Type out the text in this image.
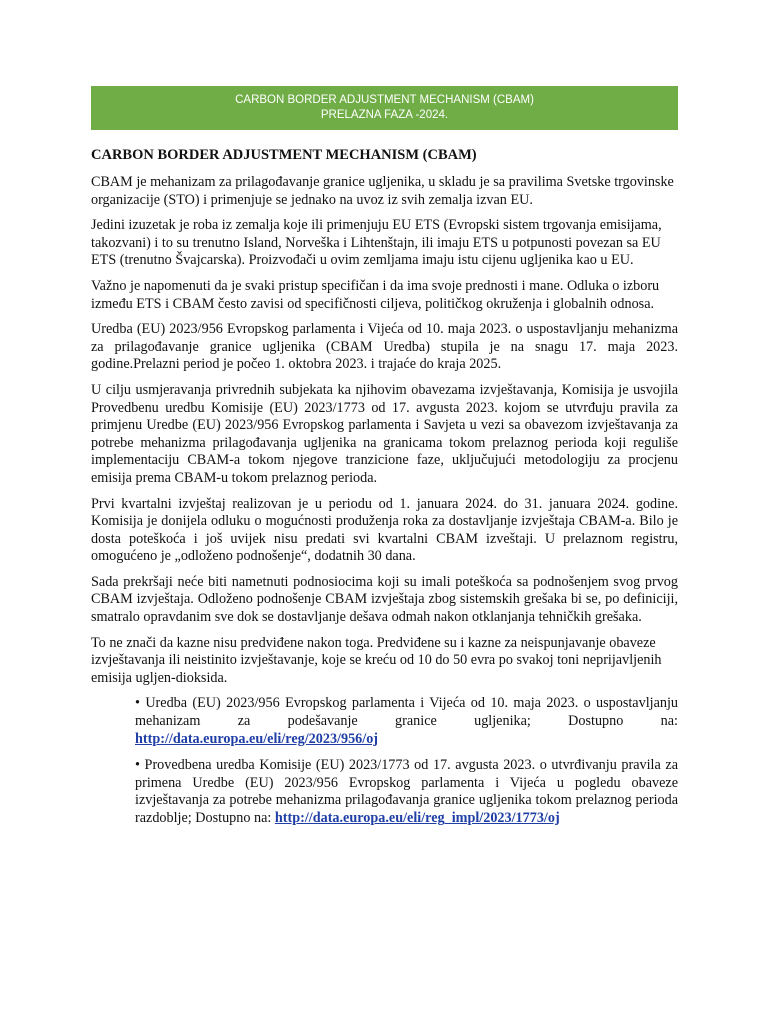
CARBON BORDER ADJUSTMENT MECHANISM (CBAM)
PRELAZNA FAZA -2024.
CARBON BORDER ADJUSTMENT MECHANISM (CBAM)

CBAM je mehanizam za prilagođavanje granice ugljenika, u skladu je sa pravilima Svetske trgovinske organizacije (STO) i primenjuje se jednako na uvoz iz svih zemalja izvan EU.

Jedini izuzetak je roba iz zemalja koje ili primenjuju EU ETS (Evropski sistem trgovanja emisijama, takozvani) i to su trenutno Island, Norveška i Lihtenštajn, ili imaju ETS u potpunosti povezan sa EU ETS (trenutno Švajcarska). Proizvođači u ovim zemljama imaju istu cijenu ugljenika kao u EU.

Važno je napomenuti da je svaki pristup specifičan i da ima svoje prednosti i mane. Odluka o izboru između ETS i CBAM često zavisi od specifičnosti ciljeva, političkog okruženja i globalnih odnosa.

Uredba (EU) 2023/956 Evropskog parlamenta i Vijeća od 10. maja 2023. o uspostavljanju mehanizma za prilagođavanje granice ugljenika (CBAM Uredba) stupila je na snagu 17. maja 2023. godine.Prelazni period je počeo 1. oktobra 2023. i trajaće do kraja 2025.

U cilju usmjeravanja privrednih subjekata ka njihovim obavezama izvještavanja, Komisija je usvojila Provedbenu uredbu Komisije (EU) 2023/1773 od 17. avgusta 2023. kojom se utvrđuju pravila za primjenu Uredbe (EU) 2023/956 Evropskog parlamenta i Savjeta u vezi sa obavezom izvještavanja za potrebe mehanizma prilagođavanja ugljenika na granicama tokom prelaznog perioda koji reguliše implementaciju CBAM-a tokom njegove tranzicione faze, uključujući metodologiju za procjenu emisija prema CBAM-u tokom prelaznog perioda.

Prvi kvartalni izvještaj realizovan je u periodu od 1. januara 2024. do 31. januara 2024. godine. Komisija je donijela odluku o mogućnosti produženja roka za dostavljanje izvještaja CBAM-a. Bilo je dosta poteškoća i još uvijek nisu predati svi kvartalni CBAM izveštaji. U prelaznom registru, omogućeno je „odloženo podnošenje“, dodatnih 30 dana.

Sada prekršaji neće biti nametnuti podnosiocima koji su imali poteškoća sa podnošenjem svog prvog CBAM izvještaja. Odloženo podnošenje CBAM izvještaja zbog sistemskih grešaka bi se, po definiciji, smatralo opravdanim sve dok se dostavljanje dešava odmah nakon otklanjanja tehničkih grešaka.

To ne znači da kazne nisu predviđene nakon toga. Predviđene su i kazne za neispunjavanje obaveze izvještavanja ili neistinito izvještavanje, koje se kreću od 10 do 50 evra po svakoj toni neprijavljenih emisija ugljen-dioksida.

• Uredba (EU) 2023/956 Evropskog parlamenta i Vijeća od 10. maja 2023. o uspostavljanju mehanizam za podešavanje granice ugljenika; Dostupno na: http://data.europa.eu/eli/reg/2023/956/oj

• Provedbena uredba Komisije (EU) 2023/1773 od 17. avgusta 2023. o utvrđivanju pravila za primena Uredbe (EU) 2023/956 Evropskog parlamenta i Vijeća u pogledu obaveze izvještavanja za potrebe mehanizma prilagođavanja granice ugljenika tokom prelaznog perioda razdoblje; Dostupno na: http://data.europa.eu/eli/reg_impl/2023/1773/oj
